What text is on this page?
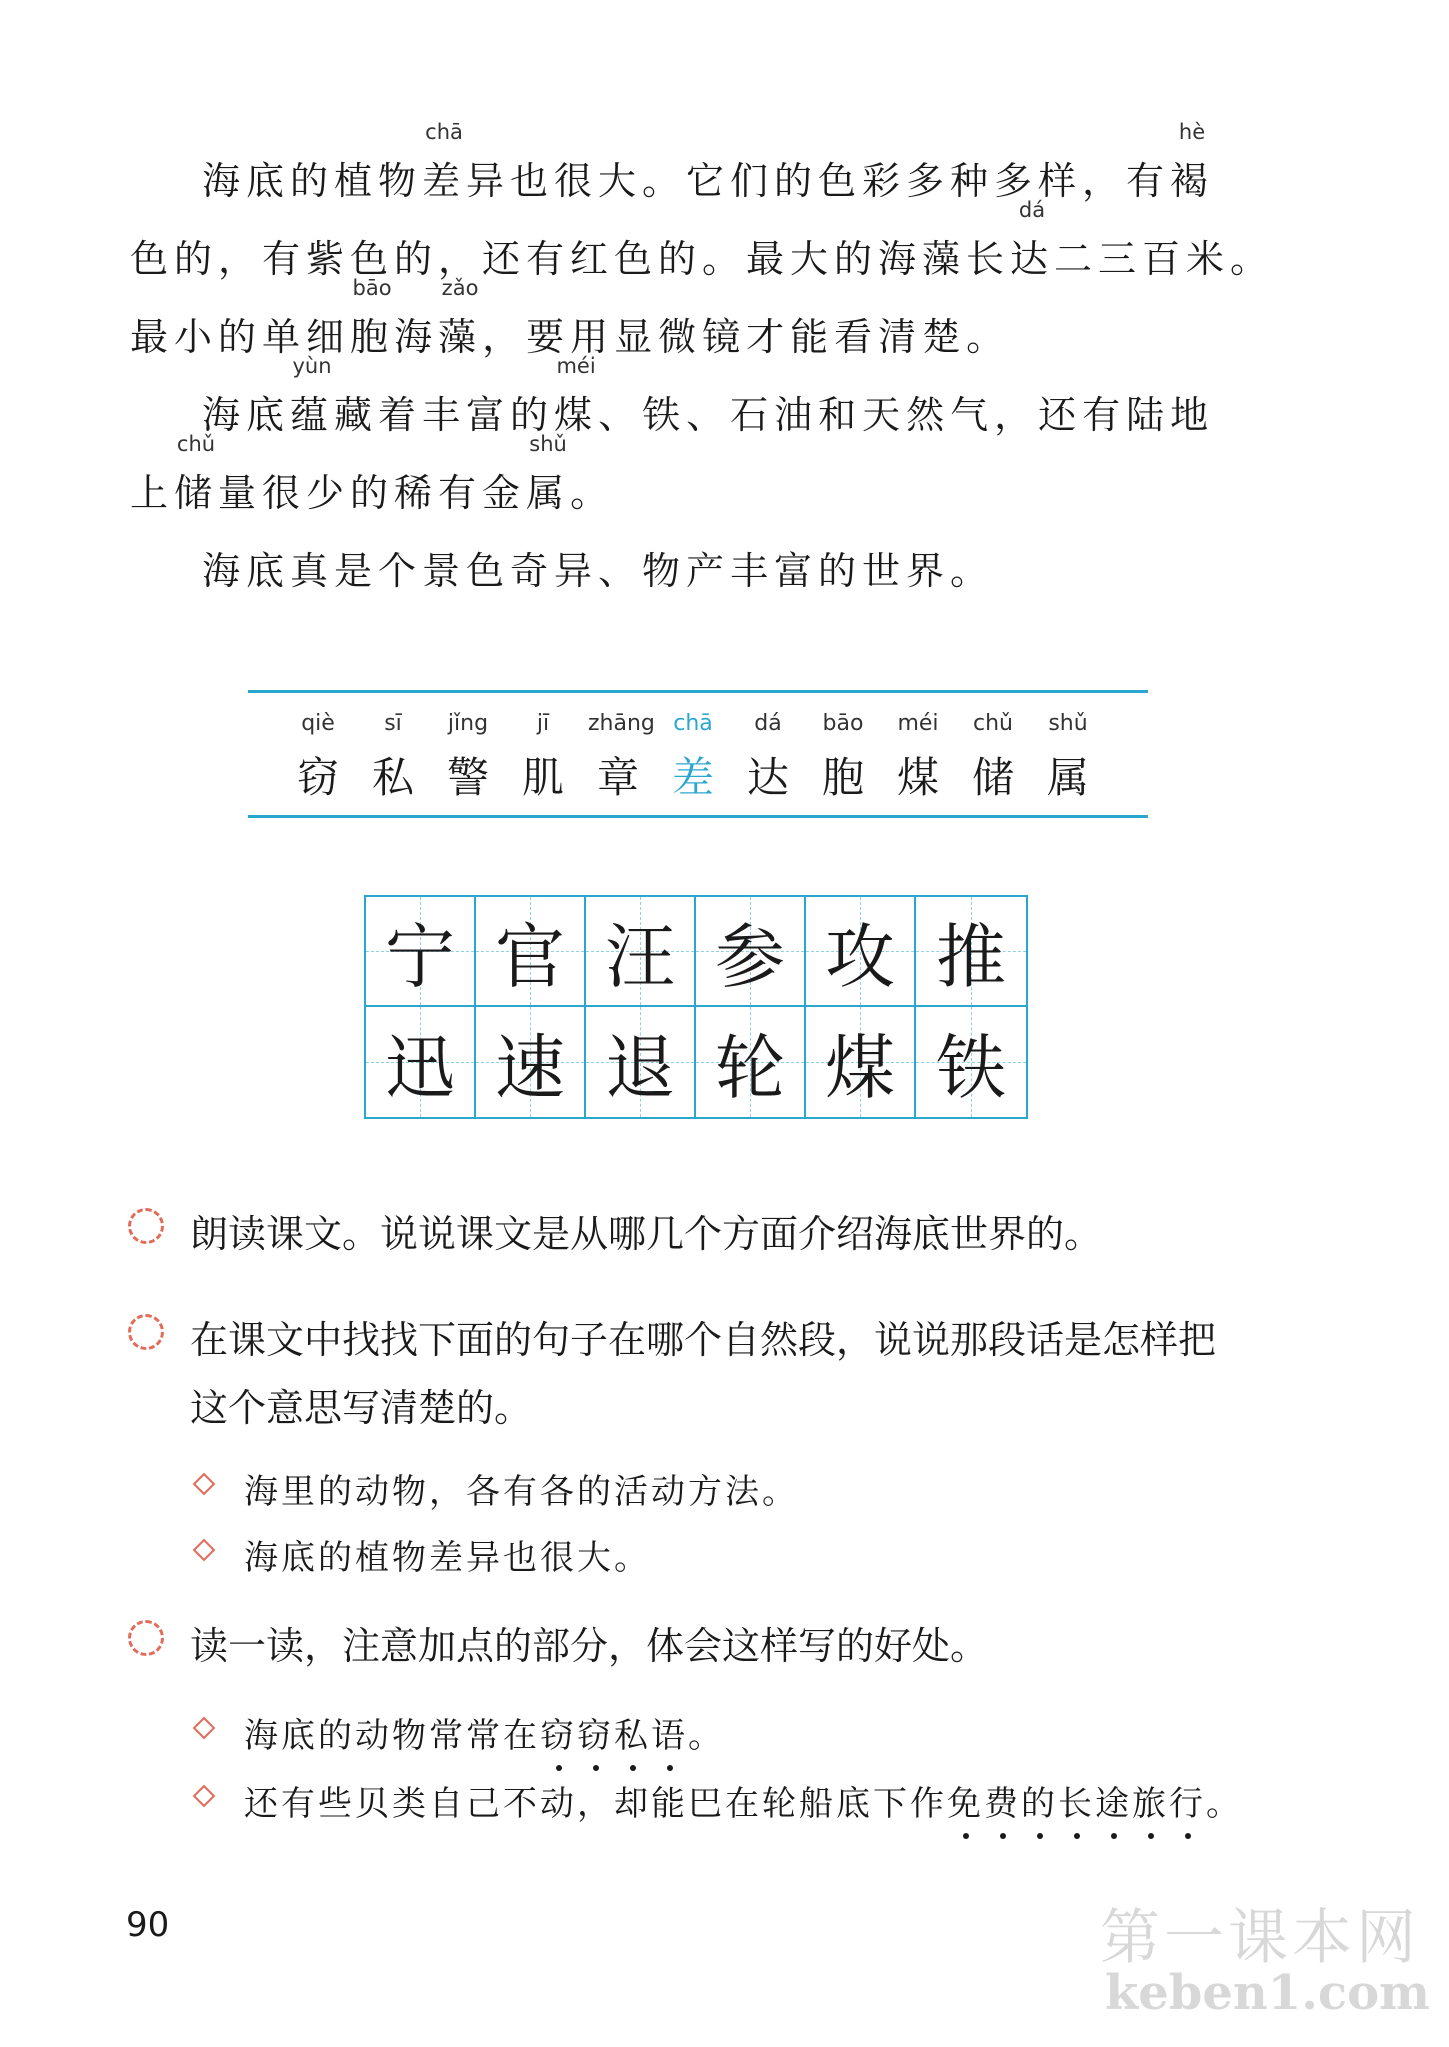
海底的植物差
chā
异也很大。它们的色彩多种多样，有褐
hè
色的，有紫色的，还有红色的。最大的海藻长达
dá
二三百米。
最小的单细胞
bāo
海藻
zǎo
，要用显微镜才能看清楚。
海底蕴
yùn
藏着丰富的煤
méi
、铁、石油和天然气，还有陆地
上储
chǔ
量很少的稀有金属
shǔ
。
海底真是个景色奇异、物产丰富的世界。
qiè
窃
sī
私
jǐng
警
jī
肌
zhāng
章
chā
差
dá
达
bāo
胞
méi
煤
chǔ
储
shǔ
属
宁 官 汪 参 攻 推
迅 速 退 轮 煤 铁
朗读课文。说说课文是从哪几个方面介绍海底世界的。
在课文中找找下面的句子在哪个自然段，说说那段话是怎样把
这个意思写清楚的。
海里的动物，各有各的活动方法。
海底的植物差异也很大。
读一读，注意加点的部分，体会这样写的好处。
海底的动物常常在窃窃私语。
还有些贝类自己不动，却能巴在轮船底下作免费的长途旅行。
90	第一课本网
keben1.com
